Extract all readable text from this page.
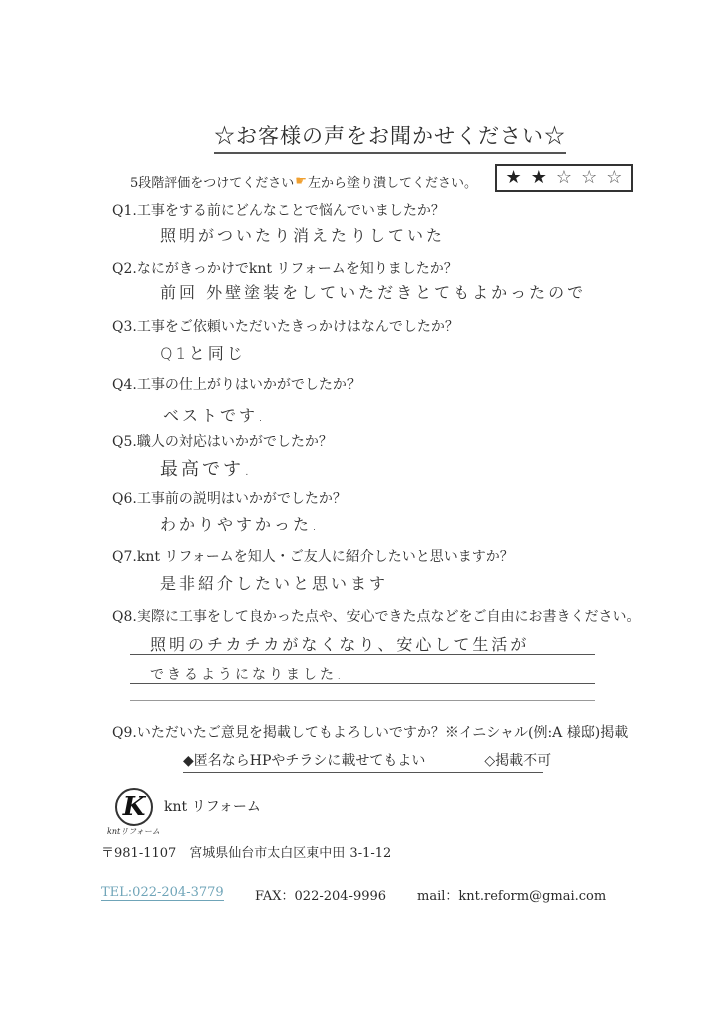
☆お客様の声をお聞かせください☆
5段階評価をつけてください ☛ 左から塗り潰してください。 ★ ★ ☆ ☆ ☆
Q1.工事をする前にどんなことで悩んでいましたか？
照明がついたり消えたりしていた
Q2.なにがきっかけでknt リフォームを知りましたか？
前回 外壁塗装をしていただきとてもよかったので
Q3.工事をご依頼いただいたきっかけはなんでしたか？
Q1と同じ
Q4.工事の仕上がりはいかがでしたか？
ベストです.
Q5.職人の対応はいかがでしたか？
最高です.
Q6.工事前の説明はいかがでしたか？
わかりやすかった.
Q7.knt リフォームを知人・ご友人に紹介したいと思いますか？
是非紹介したいと思います
Q8.実際に工事をして良かった点や、安心できた点などをご自由にお書きください。
照明のチカチカがなくなり、安心して生活が
できるようになりました.
Q9.いただいたご意見を掲載してもよろしいですか？※イニシャル(例:A 様邸)掲載
◆匿名ならHPやチラシに載せてもよい	◇掲載不可
K	knt リフォーム
kntリフォーム
〒981-1107　宮城県仙台市太白区東中田 3-1-12
TEL:022-204-3779 FAX：022-204-9996 mail：knt.reform@gmai.com
